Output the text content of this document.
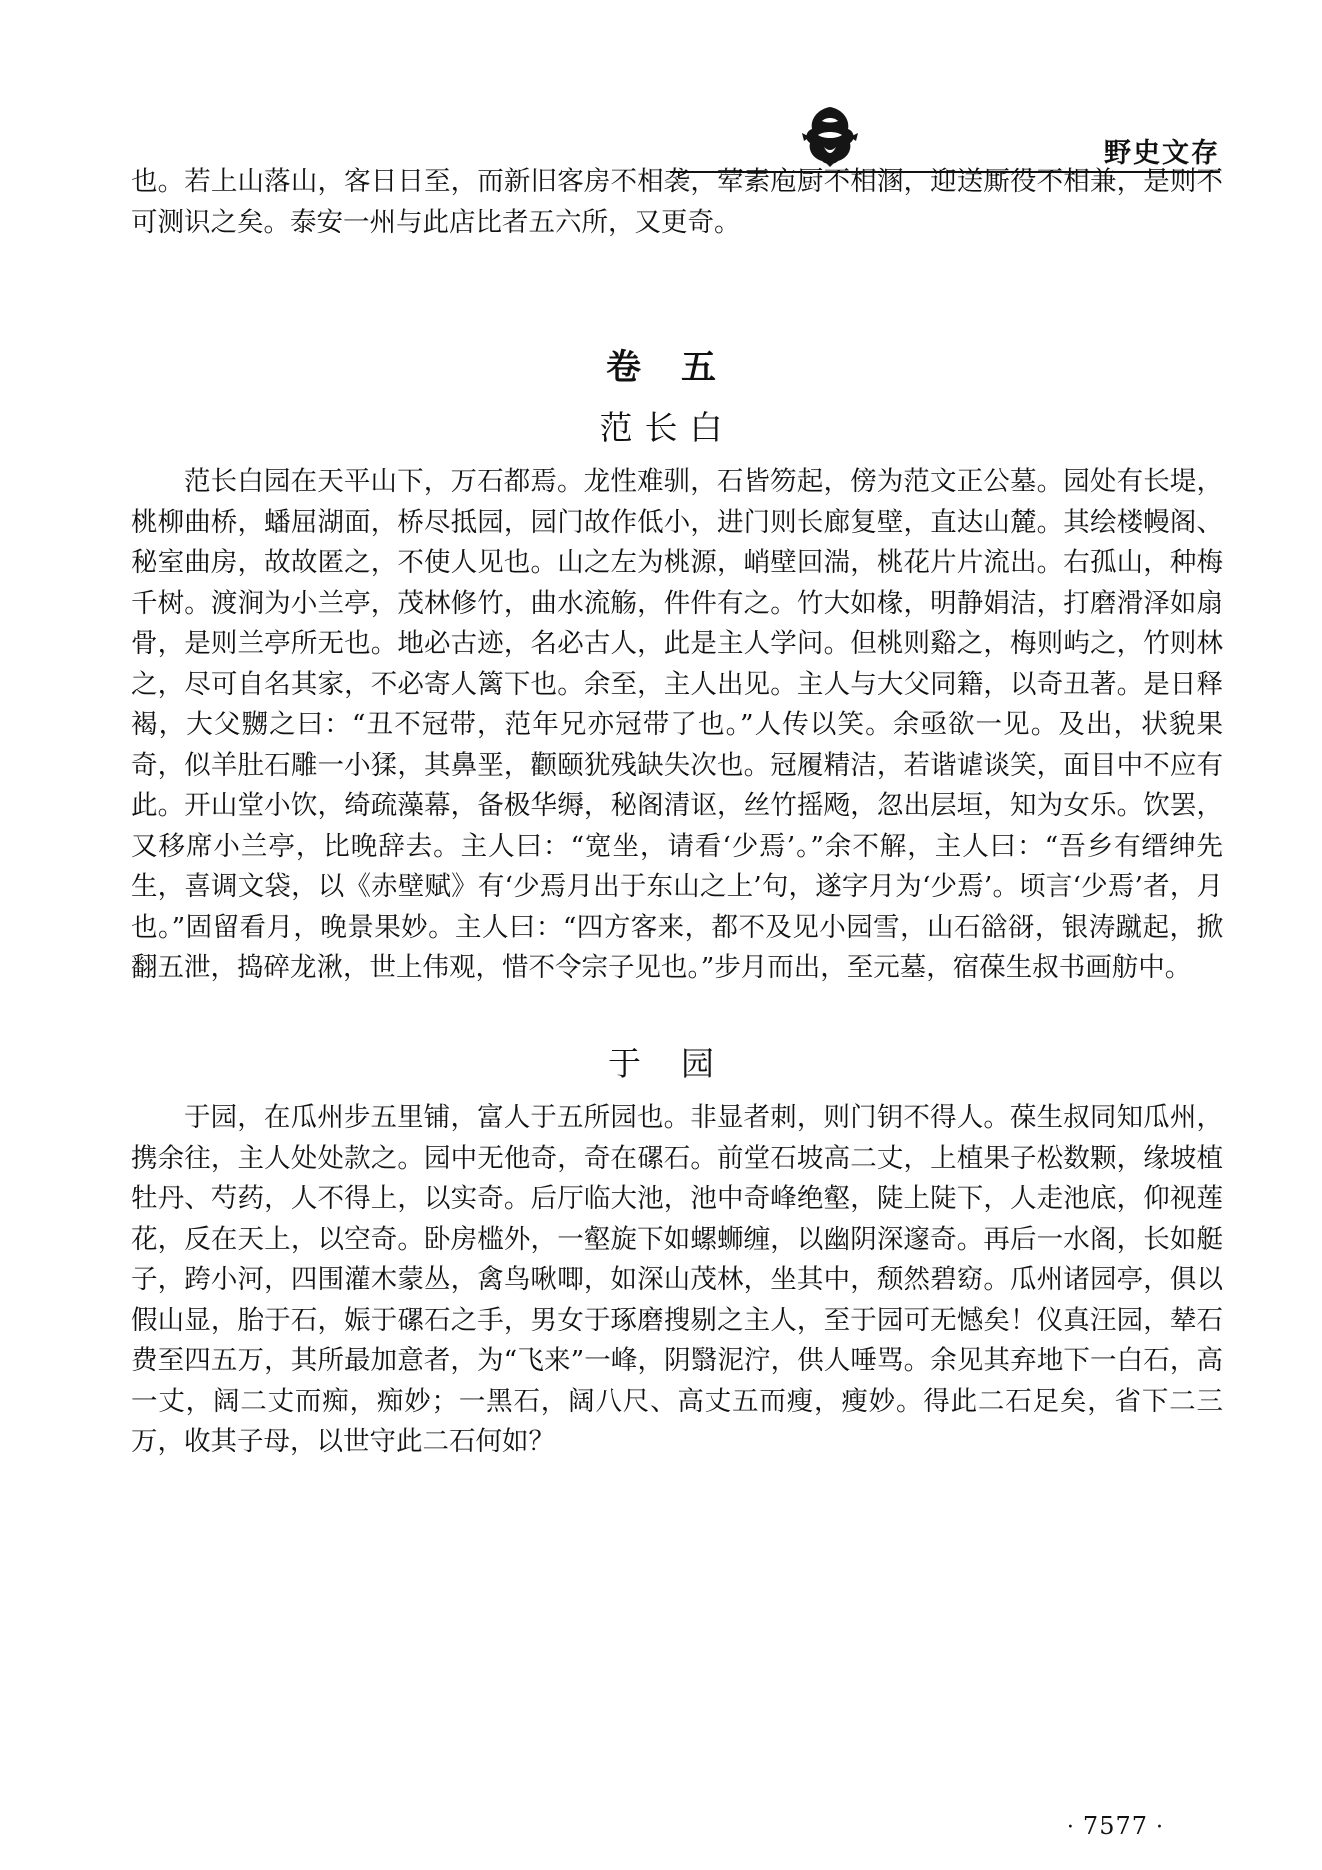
野史文存

也。若上山落山，客日日至，而新旧客房不相袭，荤素庖厨不相溷，迎送厮役不相兼，是则不可测识之矣。泰安一州与此店比者五六所，又更奇。

卷五
范长白

范长白园在天平山下，万石都焉。龙性难驯，石皆笏起，傍为范文正公墓。园处有长堤，桃柳曲桥，蟠屈湖面，桥尽抵园，园门故作低小，进门则长廊复壁，直达山麓。其绘楼幔阁、秘室曲房，故故匿之，不使人见也。山之左为桃源，峭壁回湍，桃花片片流出。右孤山，种梅千树。渡涧为小兰亭，茂林修竹，曲水流觞，件件有之。竹大如椽，明静娟洁，打磨滑泽如扇骨，是则兰亭所无也。地必古迹，名必古人，此是主人学问。但桃则谿之，梅则屿之，竹则林之，尽可自名其家，不必寄人篱下也。余至，主人出见。主人与大父同籍，以奇丑著。是日释褐，大父嬲之曰：“丑不冠带，范年兄亦冠带了也。”人传以笑。余亟欲一见。及出，状貌果奇，似羊肚石雕一小猱，其鼻垩，颧颐犹残缺失次也。冠履精洁，若谐谑谈笑，面目中不应有此。开山堂小饮，绮疏藻幕，备极华缛，秘阁清讴，丝竹摇飏，忽出层垣，知为女乐。饮罢，又移席小兰亭，比晚辞去。主人曰：“宽坐，请看‘少焉’。”余不解，主人曰：“吾乡有缙绅先生，喜调文袋，以《赤壁赋》有‘少焉月出于东山之上’句，遂字月为‘少焉’。顷言‘少焉’者，月也。”固留看月，晚景果妙。主人曰：“四方客来，都不及见小园雪，山石谽谺，银涛蹴起，掀翻五泄，捣碎龙湫，世上伟观，惜不令宗子见也。”步月而出，至元墓，宿葆生叔书画舫中。

于园

于园，在瓜州步五里铺，富人于五所园也。非显者刺，则门钥不得人。葆生叔同知瓜州，携余往，主人处处款之。园中无他奇，奇在磥石。前堂石坡高二丈，上植果子松数颗，缘坡植牡丹、芍药，人不得上，以实奇。后厅临大池，池中奇峰绝壑，陡上陡下，人走池底，仰视莲花，反在天上，以空奇。卧房槛外，一壑旋下如螺蛳缠，以幽阴深邃奇。再后一水阁，长如艇子，跨小河，四围灌木蒙丛，禽鸟啾唧，如深山茂林，坐其中，颓然碧窈。瓜州诸园亭，俱以假山显，胎于石，娠于磥石之手，男女于琢磨搜剔之主人，至于园可无憾矣！仪真汪园，辇石费至四五万，其所最加意者，为“飞来”一峰，阴翳泥泞，供人唾骂。余见其弃地下一白石，高一丈，阔二丈而痴，痴妙；一黑石，阔八尺、高丈五而瘦，瘦妙。得此二石足矣，省下二三万，收其子母，以世守此二石何如？

· 7577 ·
